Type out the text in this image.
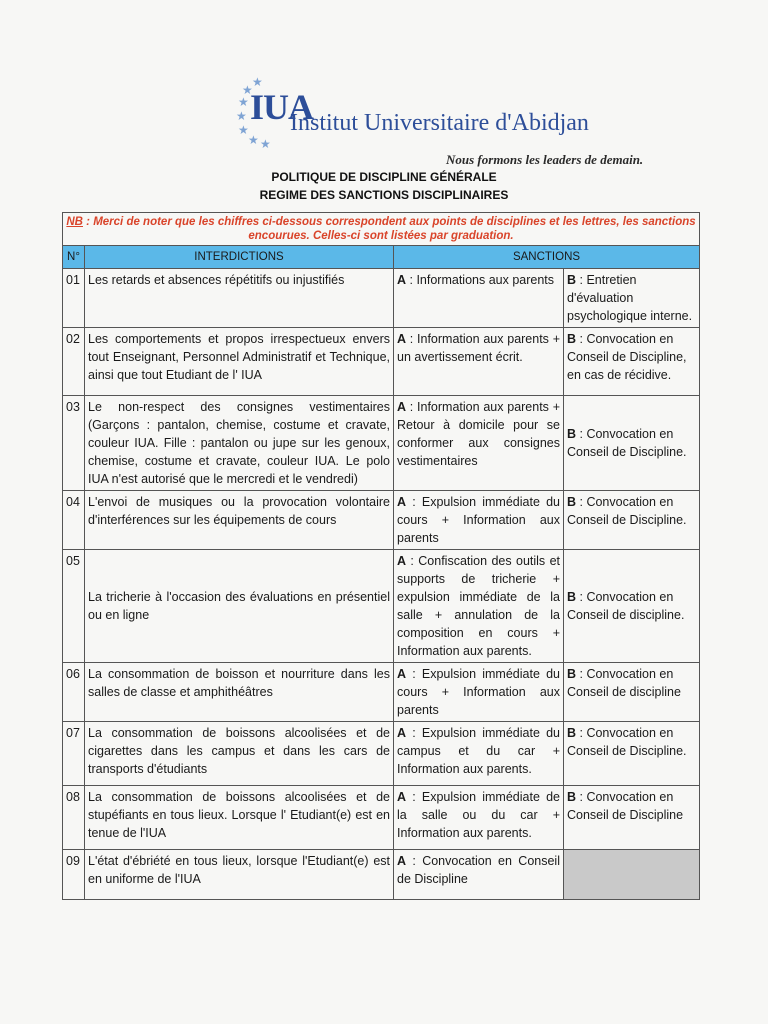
★
★
★
★
★
★ ★
IUA
Institut Universitaire d'Abidjan
Nous formons les leaders de demain.
POLITIQUE DE DISCIPLINE GÉNÉRALE
REGIME DES SANCTIONS DISCIPLINAIRES
NB : Merci de noter que les chiffres ci-dessous correspondent aux points de disciplines et les lettres, les sanctions encourues. Celles-ci sont listées par graduation.			
N°	INTERDICTIONS	SANCTIONS	
01	Les retards et absences répétitifs ou injustifiés	A : Informations aux parents	B : Entretien d'évaluation psychologique interne.
02	Les comportements et propos irrespectueux envers tout Enseignant, Personnel Administratif et Technique, ainsi que tout Etudiant de l' IUA	A : Information aux parents + un avertissement écrit.	B : Convocation en Conseil de Discipline, en cas de récidive.
03	Le non-respect des consignes vestimentaires (Garçons : pantalon, chemise, costume et cravate, couleur IUA. Fille : pantalon ou jupe sur les genoux, chemise, costume et cravate, couleur IUA. Le polo IUA n'est autorisé que le mercredi et le vendredi)	A : Information aux parents + Retour à domicile pour se conformer aux consignes vestimentaires	B : Convocation en Conseil de Discipline.
04	L'envoi de musiques ou la provocation volontaire d'interférences sur les équipements de cours	A : Expulsion immédiate du cours + Information aux parents	B : Convocation en Conseil de Discipline.
05	La tricherie à l'occasion des évaluations en présentiel ou en ligne	A : Confiscation des outils et supports de tricherie + expulsion immédiate de la salle + annulation de la composition en cours + Information aux parents.	B : Convocation en Conseil de discipline.
06	La consommation de boisson et nourriture dans les salles de classe et amphithéâtres	A : Expulsion immédiate du cours + Information aux parents	B : Convocation en Conseil de discipline
07	La consommation de boissons alcoolisées et de cigarettes dans les campus et dans les cars de transports d'étudiants	A : Expulsion immédiate du campus et du car + Information aux parents.	B : Convocation en Conseil de Discipline.
08	La consommation de boissons alcoolisées et de stupéfiants en tous lieux. Lorsque l' Etudiant(e) est en tenue de l'IUA	A : Expulsion immédiate de la salle ou du car + Information aux parents.	B : Convocation en Conseil de Discipline
09	L'état d'ébriété en tous lieux, lorsque l'Etudiant(e) est en uniforme de l'IUA	A : Convocation en Conseil de Discipline	
